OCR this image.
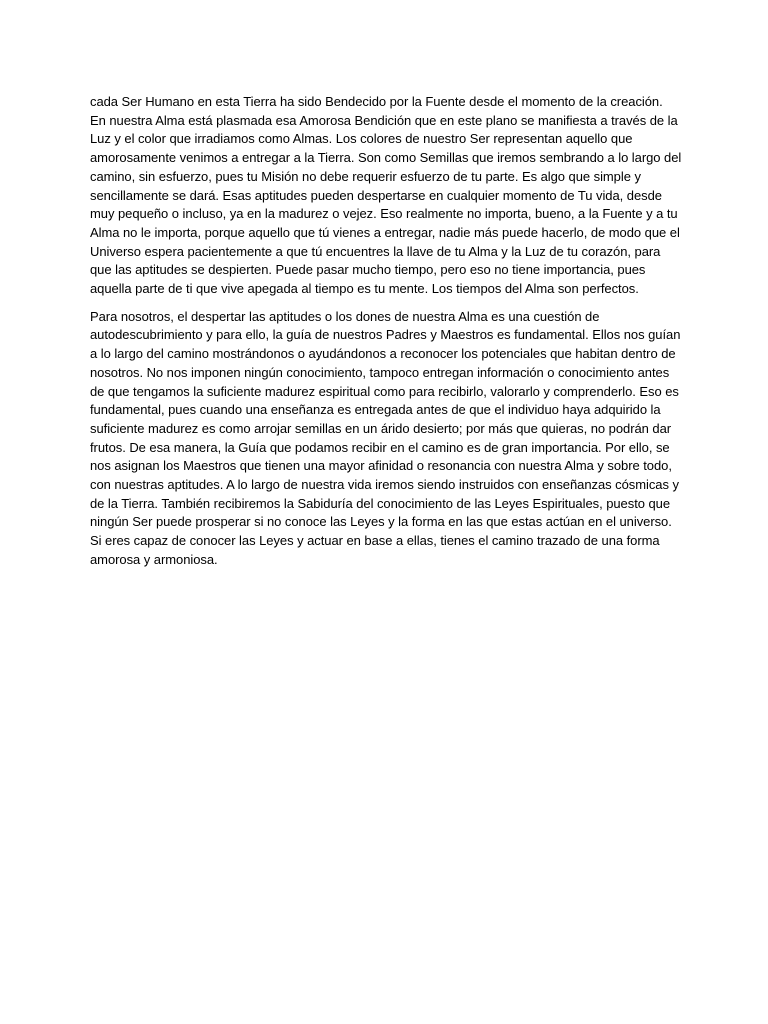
cada Ser Humano en esta Tierra ha sido Bendecido por la Fuente desde el momento de la creación. En nuestra Alma está plasmada esa Amorosa Bendición que en este plano se manifiesta a través de la Luz y el color que irradiamos como Almas. Los colores de nuestro Ser representan aquello que amorosamente venimos a entregar a la Tierra. Son como Semillas que iremos sembrando a lo largo del camino, sin esfuerzo, pues tu Misión no debe requerir esfuerzo de tu parte. Es algo que simple y sencillamente se dará. Esas aptitudes pueden despertarse en cualquier momento de Tu vida, desde muy pequeño o incluso, ya en la madurez o vejez. Eso realmente no importa, bueno, a la Fuente y a tu Alma no le importa, porque aquello que tú vienes a entregar, nadie más puede hacerlo, de modo que el Universo espera pacientemente a que tú encuentres la llave de tu Alma y la Luz de tu corazón, para que las aptitudes se despierten. Puede pasar mucho tiempo, pero eso no tiene importancia, pues aquella parte de ti que vive apegada al tiempo es tu mente. Los tiempos del Alma son perfectos.

Para nosotros, el despertar las aptitudes o los dones de nuestra Alma es una cuestión de autodescubrimiento y para ello, la guía de nuestros Padres y Maestros es fundamental. Ellos nos guían a lo largo del camino mostrándonos o ayudándonos a reconocer los potenciales que habitan dentro de nosotros. No nos imponen ningún conocimiento, tampoco entregan información o conocimiento antes de que tengamos la suficiente madurez espiritual como para recibirlo, valorarlo y comprenderlo. Eso es fundamental, pues cuando una enseñanza es entregada antes de que el individuo haya adquirido la suficiente madurez es como arrojar semillas en un árido desierto; por más que quieras, no podrán dar frutos. De esa manera, la Guía que podamos recibir en el camino es de gran importancia. Por ello, se nos asignan los Maestros que tienen una mayor afinidad o resonancia con nuestra Alma y sobre todo, con nuestras aptitudes. A lo largo de nuestra vida iremos siendo instruidos con enseñanzas cósmicas y de la Tierra. También recibiremos la Sabiduría del conocimiento de las Leyes Espirituales, puesto que ningún Ser puede prosperar si no conoce las Leyes y la forma en las que estas actúan en el universo. Si eres capaz de conocer las Leyes y actuar en base a ellas, tienes el camino trazado de una forma amorosa y armoniosa.
